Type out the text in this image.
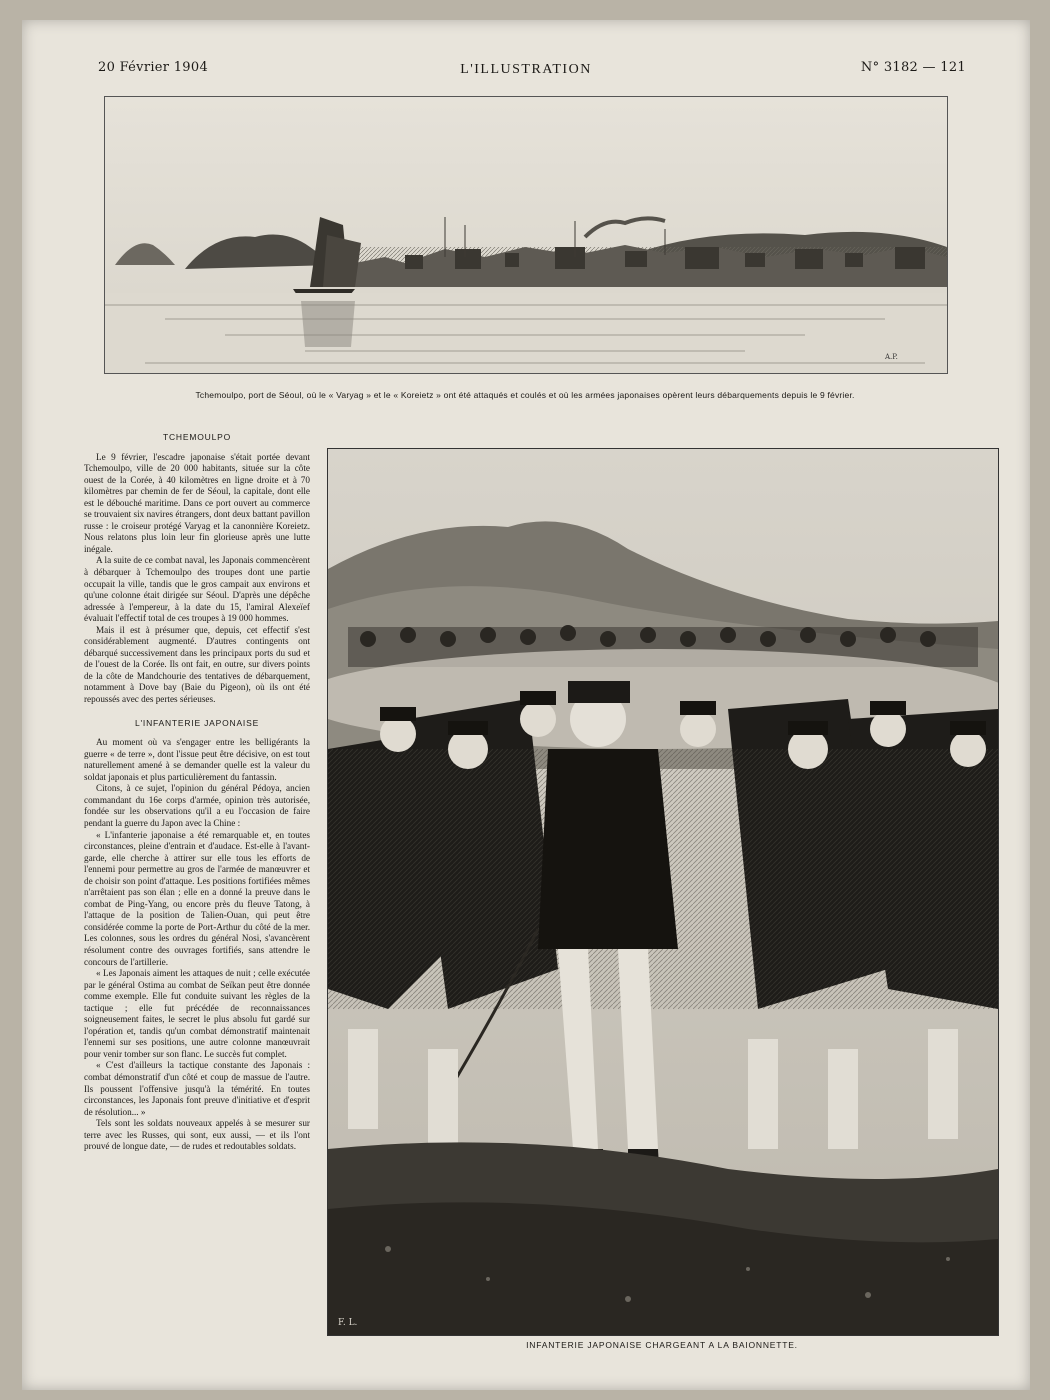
20 Février 1904	L'ILLUSTRATION	N° 3182 — 121
A.P.
Tchemoulpo, port de Séoul, où le « Varyag » et le « Koreietz » ont été attaqués et coulés et où les armées japonaises opèrent leurs débarquements depuis le 9 février.
TCHEMOULPO

Le 9 février, l'escadre japonaise s'était portée devant Tchemoulpo, ville de 20 000 habitants, située sur la côte ouest de la Corée, à 40 kilomètres en ligne droite et à 70 kilomètres par chemin de fer de Séoul, la capitale, dont elle est le débouché maritime. Dans ce port ouvert au commerce se trouvaient six navires étrangers, dont deux battant pavillon russe : le croiseur protégé Varyag et la canonnière Koreietz. Nous relatons plus loin leur fin glorieuse après une lutte inégale.

A la suite de ce combat naval, les Japonais commencèrent à débarquer à Tchemoulpo des troupes dont une partie occupait la ville, tandis que le gros campait aux environs et qu'une colonne était dirigée sur Séoul. D'après une dépêche adressée à l'empereur, à la date du 15, l'amiral Alexeïef évaluait l'effectif total de ces troupes à 19 000 hommes.

Mais il est à présumer que, depuis, cet effectif s'est considérablement augmenté. D'autres contingents ont débarqué successivement dans les principaux ports du sud et de l'ouest de la Corée. Ils ont fait, en outre, sur divers points de la côte de Mandchourie des tentatives de débarquement, notamment à Dove bay (Baie du Pigeon), où ils ont été repoussés avec des pertes sérieuses.

L'INFANTERIE JAPONAISE

Au moment où va s'engager entre les belligérants la guerre « de terre », dont l'issue peut être décisive, on est tout naturellement amené à se demander quelle est la valeur du soldat japonais et plus particulièrement du fantassin.

Citons, à ce sujet, l'opinion du général Pédoya, ancien commandant du 16e corps d'armée, opinion très autorisée, fondée sur les observations qu'il a eu l'occasion de faire pendant la guerre du Japon avec la Chine :

« L'infanterie japonaise a été remarquable et, en toutes circonstances, pleine d'entrain et d'audace. Est-elle à l'avant-garde, elle cherche à attirer sur elle tous les efforts de l'ennemi pour permettre au gros de l'armée de manœuvrer et de choisir son point d'attaque. Les positions fortifiées mêmes n'arrêtaient pas son élan ; elle en a donné la preuve dans le combat de Ping-Yang, ou encore près du fleuve Tatong, à l'attaque de la position de Talien-Ouan, qui peut être considérée comme la porte de Port-Arthur du côté de la mer. Les colonnes, sous les ordres du général Nosi, s'avancèrent résolument contre des ouvrages fortifiés, sans attendre le concours de l'artillerie.

« Les Japonais aiment les attaques de nuit ; celle exécutée par le général Ostima au combat de Seïkan peut être donnée comme exemple. Elle fut conduite suivant les règles de la tactique ; elle fut précédée de reconnaissances soigneusement faites, le secret le plus absolu fut gardé sur l'opération et, tandis qu'un combat démonstratif maintenait l'ennemi sur ses positions, une autre colonne manœuvrait pour venir tomber sur son flanc. Le succès fut complet.

« C'est d'ailleurs la tactique constante des Japonais : combat démonstratif d'un côté et coup de massue de l'autre. Ils poussent l'offensive jusqu'à la témérité. En toutes circonstances, les Japonais font preuve d'initiative et d'esprit de résolution... »

Tels sont les soldats nouveaux appelés à se mesurer sur terre avec les Russes, qui sont, eux aussi, — et ils l'ont prouvé de longue date, — de rudes et redoutables soldats.

F. L.
INFANTERIE JAPONAISE CHARGEANT A LA BAIONNETTE.
